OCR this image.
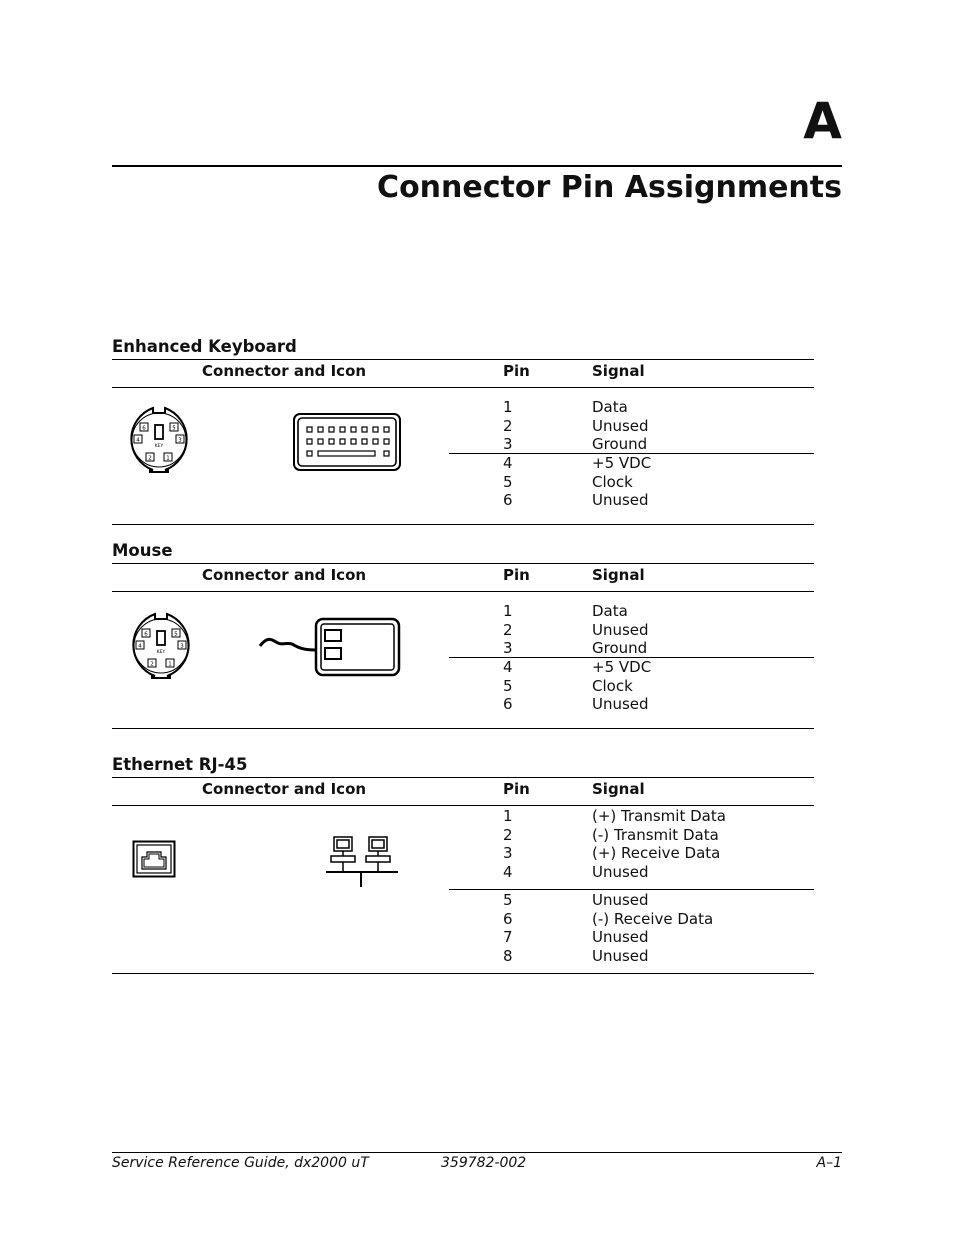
A
Connector Pin Assignments
Enhanced Keyboard
Connector and Icon	Pin	Signal
6	5
4	3
2	1
KEY
1	Data
2	Unused
3	Ground
4	+5 VDC
5	Clock
6	Unused
Mouse
Connector and Icon	Pin	Signal
6	5
4	3
2	1
KEY
1	Data
2	Unused
3	Ground
4	+5 VDC
5	Clock
6	Unused
Ethernet RJ-45
Connector and Icon	Pin	Signal
1	(+) Transmit Data
2	(-) Transmit Data
3	(+) Receive Data
4	Unused
5	Unused
6	(-) Receive Data
7	Unused
8	Unused
Service Reference Guide, dx2000 uT	359782-002	A–1
